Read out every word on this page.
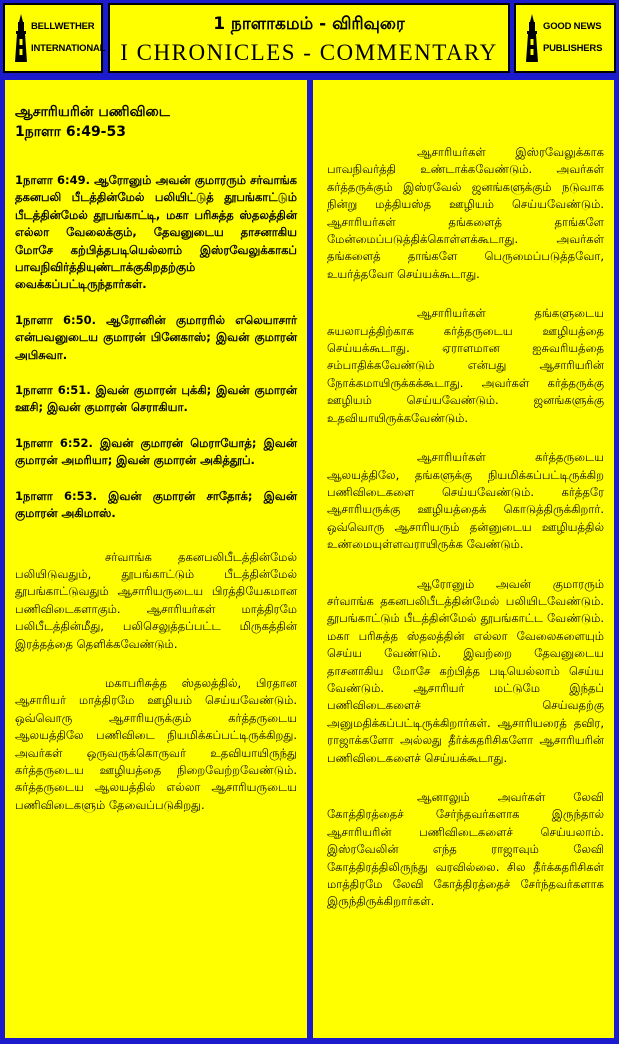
BELLWETHER
INTERNATIONAL
1 நாளாகமம் - விரிவுரை
I CHRONICLES - COMMENTARY
GOOD NEWS
PUBLISHERS
ஆசாரியரின் பணிவிடை
1நாளா 6:49-53

1நாளா 6:49. ஆரோனும் அவன் குமாரரும் சர்வாங்க தகனபலி பீடத்தின்மேல் பலியிட்டுத் தூபங்காட்டும் பீடத்தின்மேல் தூபங்காட்டி, மகா பரிசுத்த ஸ்தலத்தின் எல்லா வேலைக்கும், தேவனுடைய தாசனாகிய மோசே கற்பித்தபடியெல்லாம் இஸ்ரவேலுக்காகப் பாவநிவிர்த்தியுண்டாக்குகிறதற்கும் வைக்கப்பட்டிருந்தார்கள்.

1நாளா 6:50. ஆரோனின் குமாரரில் எலெயாசார் என்பவனுடைய குமாரன் பினேகாஸ்; இவன் குமாரன் அபிசுவா.

1நாளா 6:51. இவன் குமாரன் புக்கி; இவன் குமாரன் ஊசி; இவன் குமாரன் செராகியா.

1நாளா 6:52. இவன் குமாரன் மெராயோத்; இவன் குமாரன் அமரியா; இவன் குமாரன் அகித்தூப்.

1நாளா 6:53. இவன் குமாரன் சாதோக்; இவன் குமாரன் அகிமாஸ்.

சர்வாங்க தகனபலிபீடத்தின்மேல் பலியிடுவதும், தூபங்காட்டும் பீடத்தின்மேல் தூபங்காட்டுவதும் ஆசாரியருடைய பிரத்தியேகமான பணிவிடைகளாகும். ஆசாரியர்கள் மாத்திரமே பலிபீடத்தின்மீது, பலிசெலுத்தப்பட்ட மிருகத்தின் இரத்தத்தை தெளிக்கவேண்டும்.

மகாபரிசுத்த ஸ்தலத்தில், பிரதான ஆசாரியர் மாத்திரமே ஊழியம் செய்யவேண்டும். ஒவ்வொரு ஆசாரியருக்கும் கர்த்தருடைய ஆலயத்திலே பணிவிடை நியமிக்கப்பட்டிருக்கிறது. அவர்கள் ஒருவருக்கொருவர் உதவியாயிருந்து கர்த்தருடைய ஊழியத்தை நிறைவேற்றவேண்டும். கர்த்தருடைய ஆலயத்தில் எல்லா ஆசாரியருடைய பணிவிடைகளும் தேவைப்படுகிறது.

ஆசாரியர்கள் இஸ்ரவேலுக்காக பாவநிவர்த்தி உண்டாக்கவேண்டும். அவர்கள் கர்த்தருக்கும் இஸ்ரவேல் ஜனங்களுக்கும் நடுவாக நின்று மத்தியஸ்த ஊழியம் செய்யவேண்டும். ஆசாரியர்கள் தங்களைத் தாங்களே மேன்மைப்படுத்திக்கொள்ளக்கூடாது. அவர்கள் தங்களைத் தாங்களே பெருமைப்படுத்தவோ, உயர்த்தவோ செய்யக்கூடாது.

ஆசாரியர்கள் தங்களுடைய சுயலாபத்திற்காக கர்த்தருடைய ஊழியத்தை செய்யக்கூடாது. ஏராளமான ஐசுவரியத்தை சம்பாதிக்கவேண்டும் என்பது ஆசாரியரின் நோக்கமாயிருக்கக்கூடாது. அவர்கள் கர்த்தருக்கு ஊழியம் செய்யவேண்டும். ஜனங்களுக்கு உதவியாயிருக்கவேண்டும்.

ஆசாரியர்கள் கர்த்தருடைய ஆலயத்திலே, தங்களுக்கு நியமிக்கப்பட்டிருக்கிற பணிவிடைகளை செய்யவேண்டும். கர்த்தரே ஆசாரியருக்கு ஊழியத்தைக் கொடுத்திருக்கிறார். ஒவ்வொரு ஆசாரியரும் தன்னுடைய ஊழியத்தில் உண்மையுள்ளவராயிருக்க வேண்டும்.

ஆரோனும் அவன் குமாரரும் சர்வாங்க தகனபலிபீடத்தின்மேல் பலியிடவேண்டும். தூபங்காட்டும் பீடத்தின்மேல் தூபங்காட்ட வேண்டும். மகா பரிசுத்த ஸ்தலத்தின் எல்லா வேலைகளையும் செய்ய வேண்டும். இவற்றை தேவனுடைய தாசனாகிய மோசே கற்பித்த படியெல்லாம் செய்ய வேண்டும். ஆசாரியர் மட்டுமே இந்தப் பணிவிடைகளைச் செய்வதற்கு அனுமதிக்கப்பட்டிருக்கிறார்கள். ஆசாரியரைத் தவிர, ராஜாக்களோ அல்லது தீர்க்கதரிசிகளோ ஆசாரியரின் பணிவிடைகளைச் செய்யக்கூடாது.

ஆனாலும் அவர்கள் லேவி கோத்திரத்தைச் சேர்ந்தவர்களாக இருந்தால் ஆசாரியரின் பணிவிடைகளைச் செய்யலாம். இஸ்ரவேலின் எந்த ராஜாவும் லேவி கோத்திரத்திலிருந்து வரவில்லை. சில தீர்க்கதரிசிகள் மாத்திரமே லேவி கோத்திரத்தைச் சேர்ந்தவர்களாக இருந்திருக்கிறார்கள்.
